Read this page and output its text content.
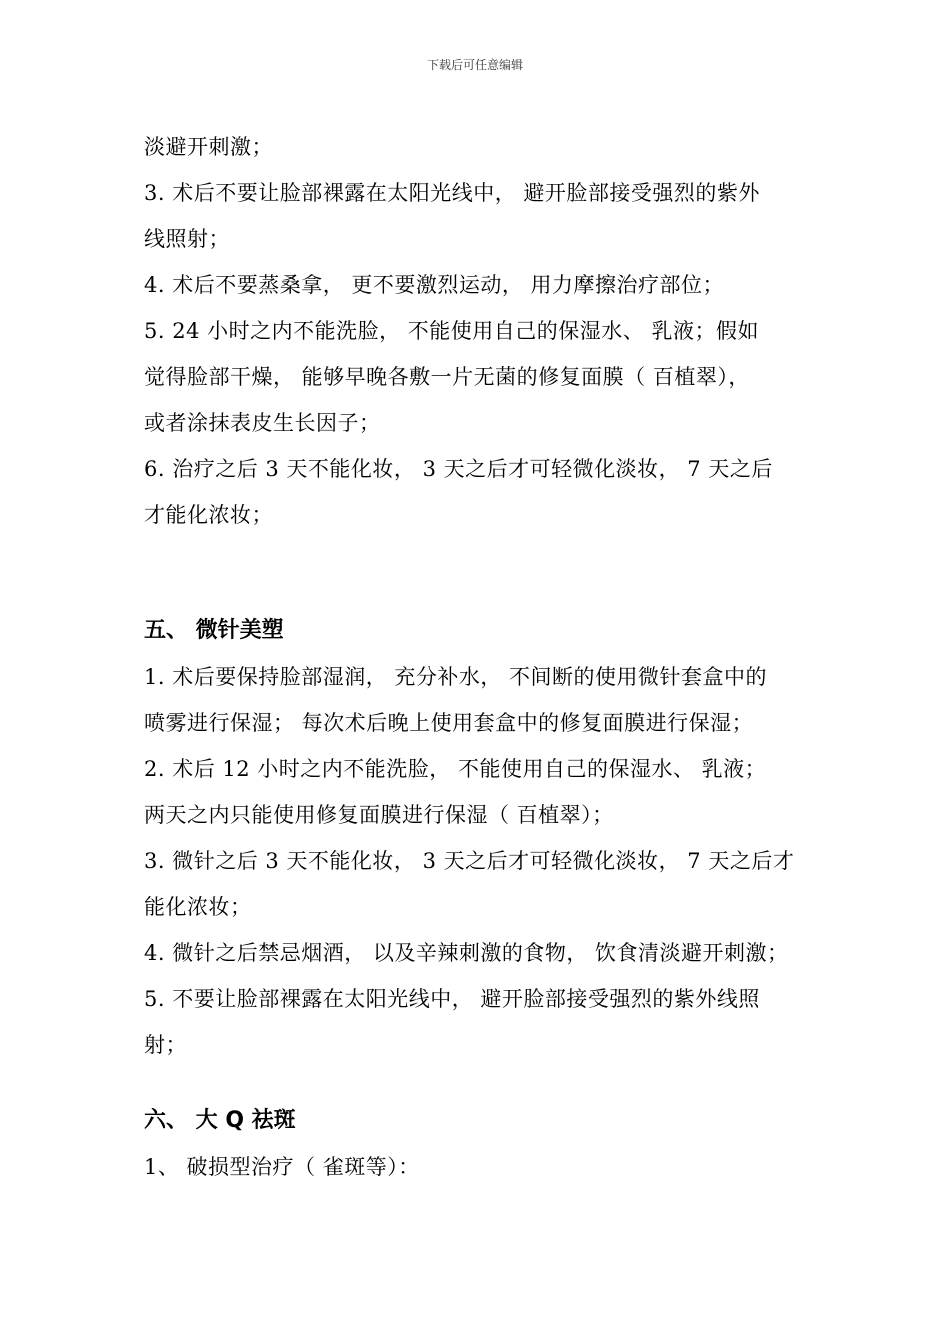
下载后可任意编辑
淡避开刺激；
3. 术后不要让脸部裸露在太阳光线中， 避开脸部接受强烈的紫外
线照射；
4. 术后不要蒸桑拿， 更不要激烈运动， 用力摩擦治疗部位；
5. 24 小时之内不能洗脸， 不能使用自己的保湿水、 乳液；假如
觉得脸部干燥， 能够早晚各敷一片无菌的修复面膜（ 百植翠），
或者涂抹表皮生长因子；
6. 治疗之后 3 天不能化妆， 3 天之后才可轻微化淡妆， 7 天之后
才能化浓妆；
五、 微针美塑
1. 术后要保持脸部湿润， 充分补水， 不间断的使用微针套盒中的
喷雾进行保湿； 每次术后晚上使用套盒中的修复面膜进行保湿；
2. 术后 12 小时之内不能洗脸， 不能使用自己的保湿水、 乳液；
两天之内只能使用修复面膜进行保湿（ 百植翠）；
3. 微针之后 3 天不能化妆， 3 天之后才可轻微化淡妆， 7 天之后才
能化浓妆；
4. 微针之后禁忌烟酒， 以及辛辣刺激的食物， 饮食清淡避开刺激；
5. 不要让脸部裸露在太阳光线中， 避开脸部接受强烈的紫外线照
射；
六、 大 Q 祛斑
1、 破损型治疗（ 雀斑等）：
